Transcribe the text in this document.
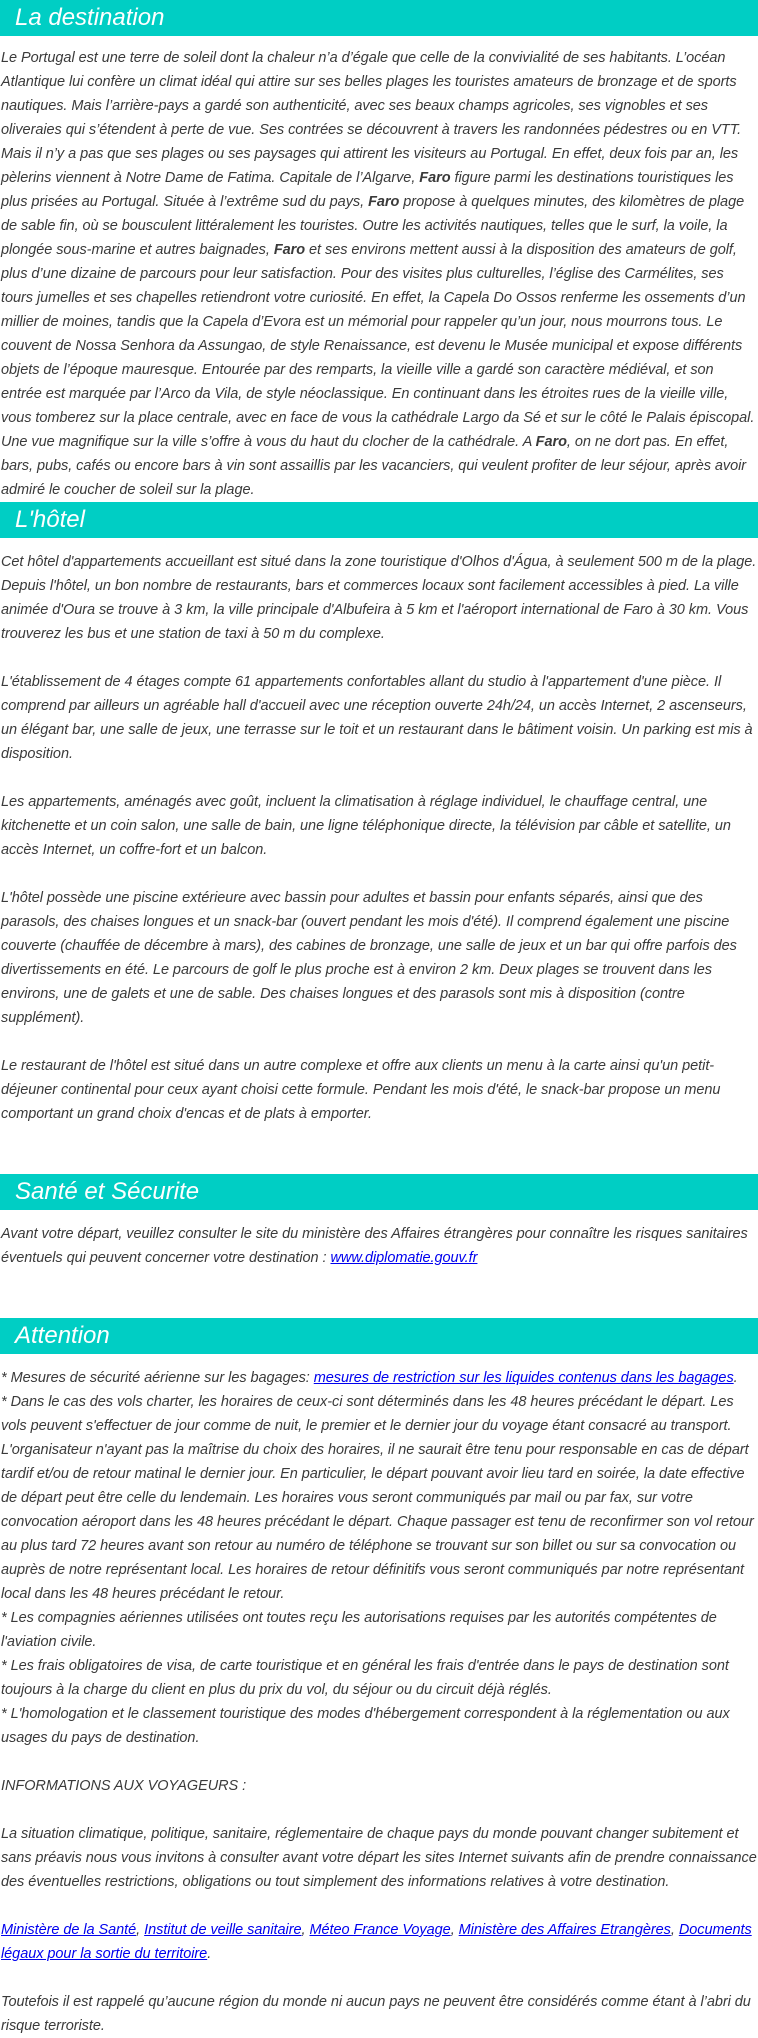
La destination

Le Portugal est une terre de soleil dont la chaleur n’a d’égale que celle de la convivialité de ses habitants. L’océan Atlantique lui confère un climat idéal qui attire sur ses belles plages les touristes amateurs de bronzage et de sports nautiques. Mais l’arrière-pays a gardé son authenticité, avec ses beaux champs agricoles, ses vignobles et ses oliveraies qui s’étendent à perte de vue. Ses contrées se découvrent à travers les randonnées pédestres ou en VTT. Mais il n’y a pas que ses plages ou ses paysages qui attirent les visiteurs au Portugal. En effet, deux fois par an, les pèlerins viennent à Notre Dame de Fatima. Capitale de l’Algarve, Faro figure parmi les destinations touristiques les plus prisées au Portugal. Située à l’extrême sud du pays, Faro propose à quelques minutes, des kilomètres de plage de sable fin, où se bousculent littéralement les touristes. Outre les activités nautiques, telles que le surf, la voile, la plongée sous-marine et autres baignades, Faro et ses environs mettent aussi à la disposition des amateurs de golf, plus d’une dizaine de parcours pour leur satisfaction. Pour des visites plus culturelles, l’église des Carmélites, ses tours jumelles et ses chapelles retiendront votre curiosité. En effet, la Capela Do Ossos renferme les ossements d’un millier de moines, tandis que la Capela d’Evora est un mémorial pour rappeler qu’un jour, nous mourrons tous. Le couvent de Nossa Senhora da Assungao, de style Renaissance, est devenu le Musée municipal et expose différents objets de l’époque mauresque. Entourée par des remparts, la vieille ville a gardé son caractère médiéval, et son entrée est marquée par l’Arco da Vila, de style néoclassique. En continuant dans les étroites rues de la vieille ville, vous tomberez sur la place centrale, avec en face de vous la cathédrale Largo da Sé et sur le côté le Palais épiscopal. Une vue magnifique sur la ville s’offre à vous du haut du clocher de la cathédrale. A Faro, on ne dort pas. En effet, bars, pubs, cafés ou encore bars à vin sont assaillis par les vacanciers, qui veulent profiter de leur séjour, après avoir admiré le coucher de soleil sur la plage.

L'hôtel

Cet hôtel d'appartements accueillant est situé dans la zone touristique d'Olhos d'Água, à seulement 500 m de la plage. Depuis l'hôtel, un bon nombre de restaurants, bars et commerces locaux sont facilement accessibles à pied. La ville animée d'Oura se trouve à 3 km, la ville principale d'Albufeira à 5 km et l'aéroport international de Faro à 30 km. Vous trouverez les bus et une station de taxi à 50 m du complexe.

L'établissement de 4 étages compte 61 appartements confortables allant du studio à l'appartement d'une pièce. Il comprend par ailleurs un agréable hall d'accueil avec une réception ouverte 24h/24, un accès Internet, 2 ascenseurs, un élégant bar, une salle de jeux, une terrasse sur le toit et un restaurant dans le bâtiment voisin. Un parking est mis à disposition.

Les appartements, aménagés avec goût, incluent la climatisation à réglage individuel, le chauffage central, une kitchenette et un coin salon, une salle de bain, une ligne téléphonique directe, la télévision par câble et satellite, un accès Internet, un coffre-fort et un balcon.

L'hôtel possède une piscine extérieure avec bassin pour adultes et bassin pour enfants séparés, ainsi que des parasols, des chaises longues et un snack-bar (ouvert pendant les mois d'été). Il comprend également une piscine couverte (chauffée de décembre à mars), des cabines de bronzage, une salle de jeux et un bar qui offre parfois des divertissements en été. Le parcours de golf le plus proche est à environ 2 km. Deux plages se trouvent dans les environs, une de galets et une de sable. Des chaises longues et des parasols sont mis à disposition (contre supplément).

Le restaurant de l'hôtel est situé dans un autre complexe et offre aux clients un menu à la carte ainsi qu'un petit-déjeuner continental pour ceux ayant choisi cette formule. Pendant les mois d'été, le snack-bar propose un menu comportant un grand choix d'encas et de plats à emporter.

Santé et Sécurite

Avant votre départ, veuillez consulter le site du ministère des Affaires étrangères pour connaître les risques sanitaires éventuels qui peuvent concerner votre destination : www.diplomatie.gouv.fr

Attention

* Mesures de sécurité aérienne sur les bagages: mesures de restriction sur les liquides contenus dans les bagages.

* Dans le cas des vols charter, les horaires de ceux-ci sont déterminés dans les 48 heures précédant le départ. Les vols peuvent s'effectuer de jour comme de nuit, le premier et le dernier jour du voyage étant consacré au transport. L'organisateur n'ayant pas la maîtrise du choix des horaires, il ne saurait être tenu pour responsable en cas de départ tardif et/ou de retour matinal le dernier jour. En particulier, le départ pouvant avoir lieu tard en soirée, la date effective de départ peut être celle du lendemain. Les horaires vous seront communiqués par mail ou par fax, sur votre convocation aéroport dans les 48 heures précédant le départ. Chaque passager est tenu de reconfirmer son vol retour au plus tard 72 heures avant son retour au numéro de téléphone se trouvant sur son billet ou sur sa convocation ou auprès de notre représentant local. Les horaires de retour définitifs vous seront communiqués par notre représentant local dans les 48 heures précédant le retour.

* Les compagnies aériennes utilisées ont toutes reçu les autorisations requises par les autorités compétentes de l'aviation civile.

* Les frais obligatoires de visa, de carte touristique et en général les frais d'entrée dans le pays de destination sont toujours à la charge du client en plus du prix du vol, du séjour ou du circuit déjà réglés.

* L'homologation et le classement touristique des modes d'hébergement correspondent à la réglementation ou aux usages du pays de destination.

INFORMATIONS AUX VOYAGEURS :

La situation climatique, politique, sanitaire, réglementaire de chaque pays du monde pouvant changer subitement et sans préavis nous vous invitons à consulter avant votre départ les sites Internet suivants afin de prendre connaissance des éventuelles restrictions, obligations ou tout simplement des informations relatives à votre destination.

Ministère de la Santé, Institut de veille sanitaire, Méteo France Voyage, Ministère des Affaires Etrangères, Documents légaux pour la sortie du territoire.

Toutefois il est rappelé qu’aucune région du monde ni aucun pays ne peuvent être considérés comme étant à l’abri du risque terroriste.
